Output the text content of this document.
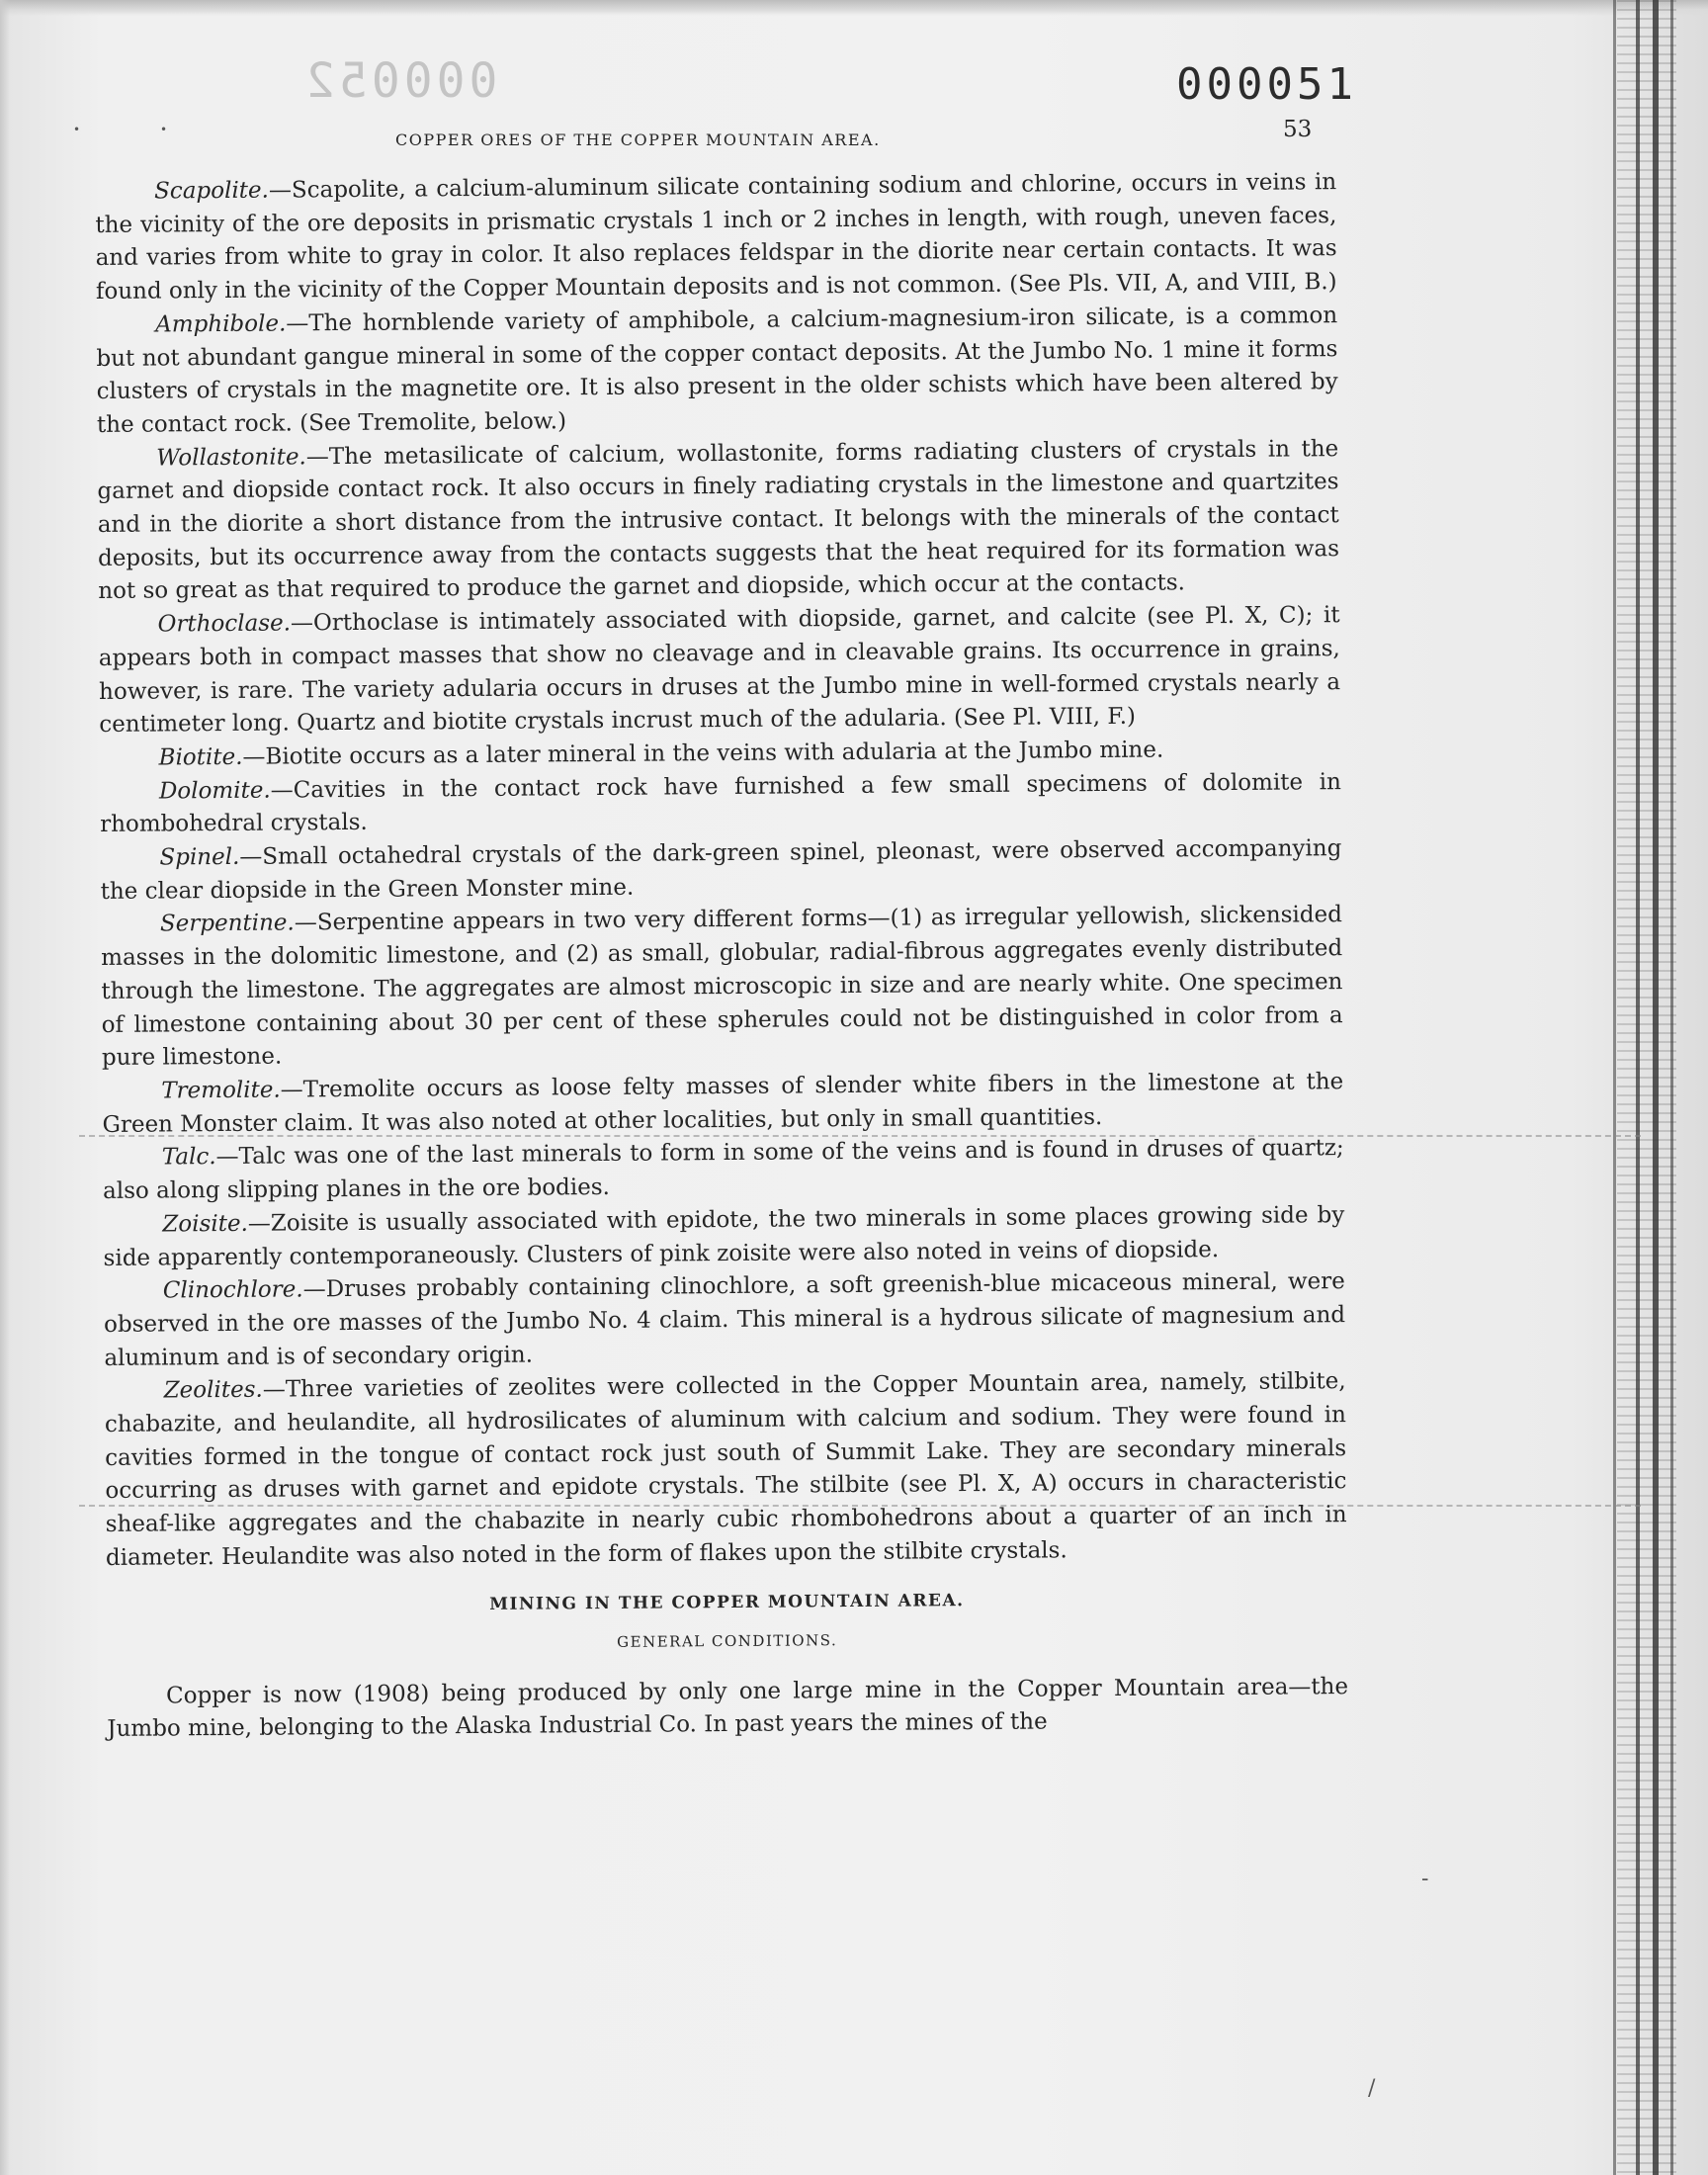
•	•
-
/
000052	000051
COPPER ORES OF THE COPPER MOUNTAIN AREA.	53

Scapolite.—Scapolite, a calcium-aluminum silicate containing sodium and chlorine, occurs in veins in the vicinity of the ore deposits in prismatic crystals 1 inch or 2 inches in length, with rough, uneven faces, and varies from white to gray in color. It also replaces feldspar in the diorite near certain contacts. It was found only in the vicinity of the Copper Mountain deposits and is not common. (See Pls. VII, A, and VIII, B.)

Amphibole.—The hornblende variety of amphibole, a calcium-magnesium-iron silicate, is a common but not abundant gangue mineral in some of the copper contact deposits. At the Jumbo No. 1 mine it forms clusters of crystals in the magnetite ore. It is also present in the older schists which have been altered by the contact rock. (See Tremolite, below.)

Wollastonite.—The metasilicate of calcium, wollastonite, forms radiating clusters of crystals in the garnet and diopside contact rock. It also occurs in finely radiating crystals in the limestone and quartzites and in the diorite a short distance from the intrusive contact. It belongs with the minerals of the contact deposits, but its occurrence away from the contacts suggests that the heat required for its formation was not so great as that required to produce the garnet and diopside, which occur at the contacts.

Orthoclase.—Orthoclase is intimately associated with diopside, garnet, and calcite (see Pl. X, C); it appears both in compact masses that show no cleavage and in cleavable grains. Its occurrence in grains, however, is rare. The variety adularia occurs in druses at the Jumbo mine in well-formed crystals nearly a centimeter long. Quartz and biotite crystals incrust much of the adularia. (See Pl. VIII, F.)

Biotite.—Biotite occurs as a later mineral in the veins with adularia at the Jumbo mine.

Dolomite.—Cavities in the contact rock have furnished a few small specimens of dolomite in rhombohedral crystals.

Spinel.—Small octahedral crystals of the dark-green spinel, pleonast, were observed accompanying the clear diopside in the Green Monster mine.

Serpentine.—Serpentine appears in two very different forms—(1) as irregular yellowish, slickensided masses in the dolomitic limestone, and (2) as small, globular, radial-fibrous aggregates evenly distributed through the limestone. The aggregates are almost microscopic in size and are nearly white. One specimen of limestone containing about 30 per cent of these spherules could not be distinguished in color from a pure limestone.

Tremolite.—Tremolite occurs as loose felty masses of slender white fibers in the limestone at the Green Monster claim. It was also noted at other localities, but only in small quantities.

Talc.—Talc was one of the last minerals to form in some of the veins and is found in druses of quartz; also along slipping planes in the ore bodies.

Zoisite.—Zoisite is usually associated with epidote, the two minerals in some places growing side by side apparently contemporaneously. Clusters of pink zoisite were also noted in veins of diopside.

Clinochlore.—Druses probably containing clinochlore, a soft greenish-blue micaceous mineral, were observed in the ore masses of the Jumbo No. 4 claim. This mineral is a hydrous silicate of magnesium and aluminum and is of secondary origin.

Zeolites.—Three varieties of zeolites were collected in the Copper Mountain area, namely, stilbite, chabazite, and heulandite, all hydrosilicates of aluminum with calcium and sodium. They were found in cavities formed in the tongue of contact rock just south of Summit Lake. They are secondary minerals occurring as druses with garnet and epidote crystals. The stilbite (see Pl. X, A) occurs in characteristic sheaf-like aggregates and the chabazite in nearly cubic rhombohedrons about a quarter of an inch in diameter. Heulandite was also noted in the form of flakes upon the stilbite crystals.

MINING IN THE COPPER MOUNTAIN AREA.
GENERAL CONDITIONS.

Copper is now (1908) being produced by only one large mine in the Copper Mountain area—the Jumbo mine, belonging to the Alaska Industrial Co. In past years the mines of the
